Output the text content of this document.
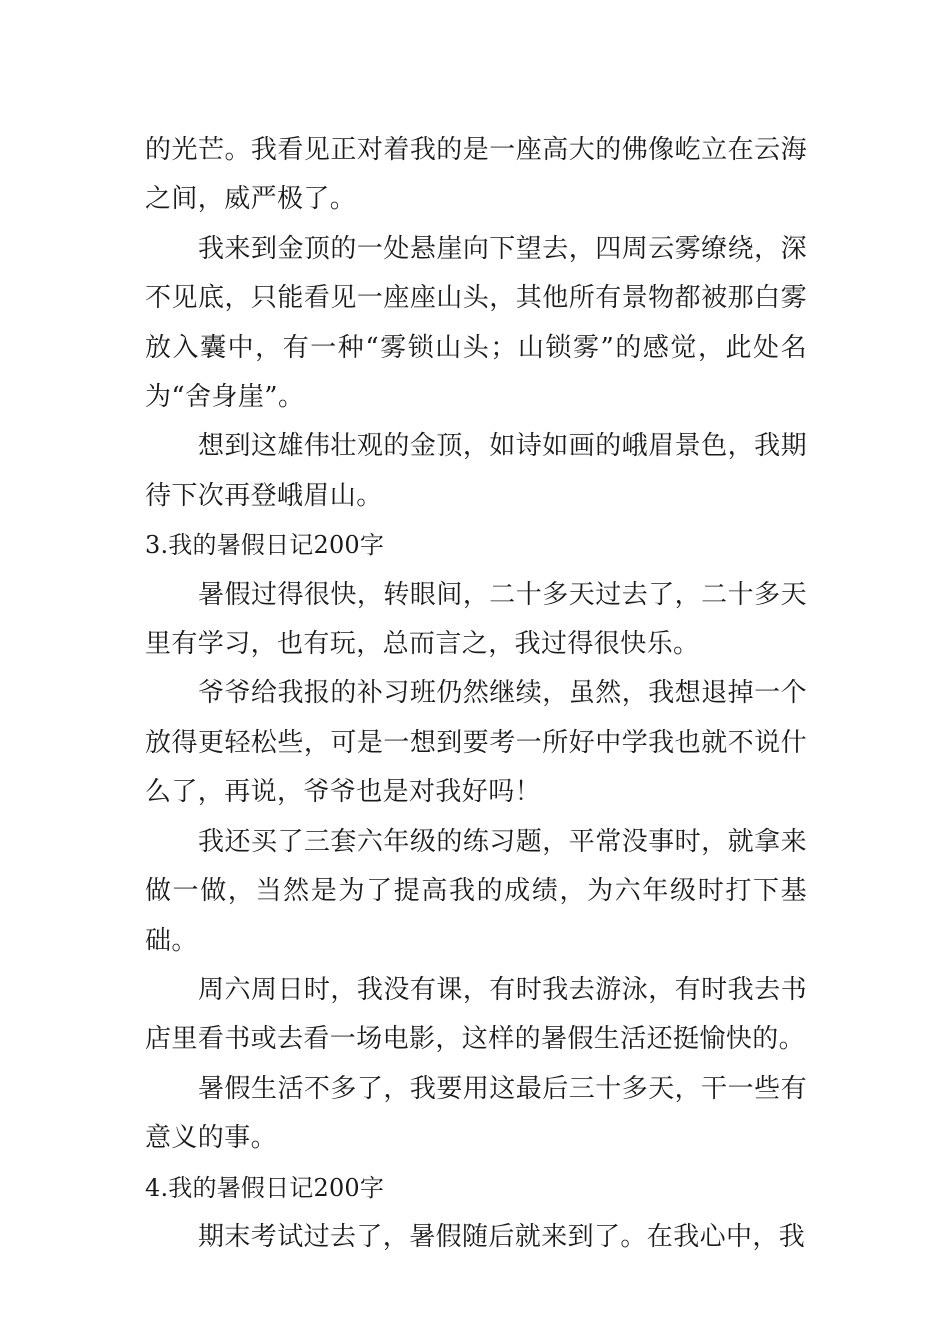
的光芒。我看见正对着我的是一座高大的佛像屹立在云海之间，威严极了。

我来到金顶的一处悬崖向下望去，四周云雾缭绕，深不见底，只能看见一座座山头，其他所有景物都被那白雾放入囊中，有一种“雾锁山头；山锁雾”的感觉，此处名为“舍身崖”。

想到这雄伟壮观的金顶，如诗如画的峨眉景色，我期待下次再登峨眉山。

3.我的暑假日记200字

暑假过得很快，转眼间，二十多天过去了，二十多天里有学习，也有玩，总而言之，我过得很快乐。

爷爷给我报的补习班仍然继续，虽然，我想退掉一个放得更轻松些，可是一想到要考一所好中学我也就不说什么了，再说，爷爷也是对我好吗！

我还买了三套六年级的练习题，平常没事时，就拿来做一做，当然是为了提高我的成绩，为六年级时打下基础。

周六周日时，我没有课，有时我去游泳，有时我去书店里看书或去看一场电影，这样的暑假生活还挺愉快的。

暑假生活不多了，我要用这最后三十多天，干一些有意义的事。

4.我的暑假日记200字

期末考试过去了，暑假随后就来到了。在我心中，我
